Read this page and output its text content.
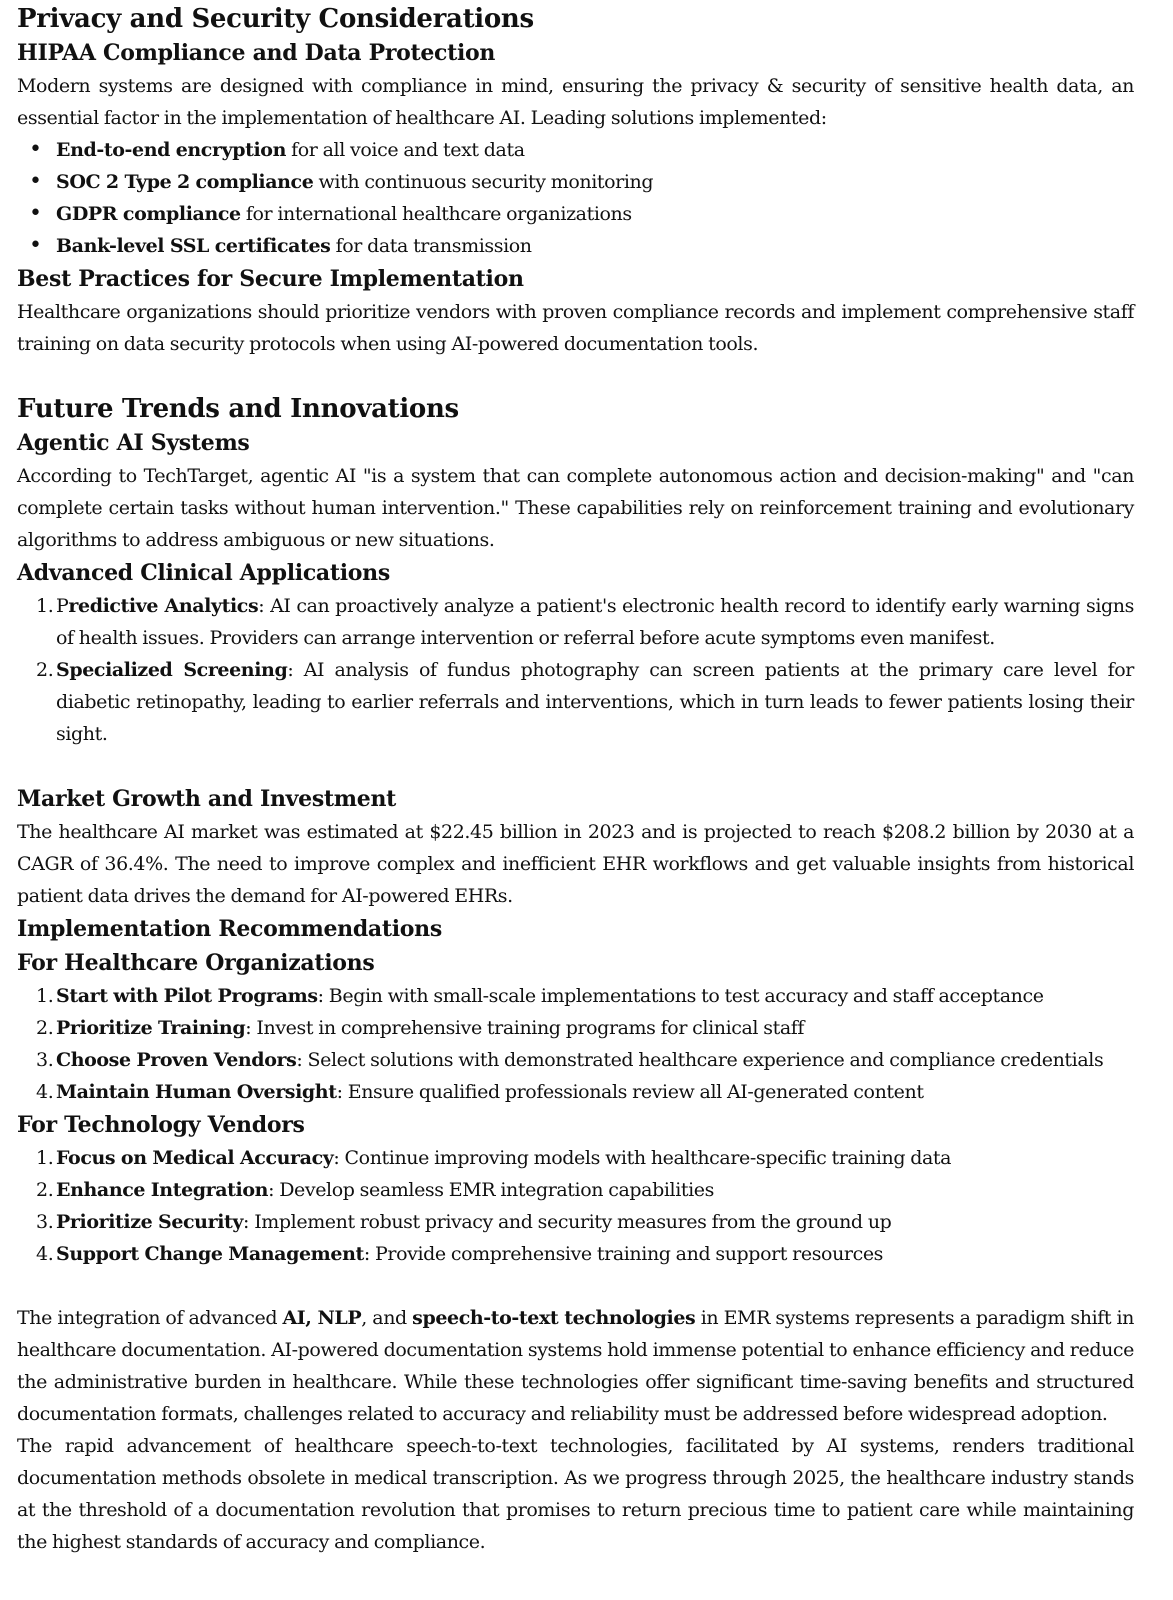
Privacy and Security Considerations
HIPAA Compliance and Data Protection

Modern systems are designed with compliance in mind, ensuring the privacy & security of sensitive health data, an essential factor in the implementation of healthcare AI. Leading solutions implemented:

• End-to-end encryption for all voice and text data
• SOC 2 Type 2 compliance with continuous security monitoring
• GDPR compliance for international healthcare organizations
• Bank-level SSL certificates for data transmission
Best Practices for Secure Implementation

Healthcare organizations should prioritize vendors with proven compliance records and implement comprehensive staff training on data security protocols when using AI-powered documentation tools.

Future Trends and Innovations
Agentic AI Systems

According to TechTarget, agentic AI "is a system that can complete autonomous action and decision-making" and "can complete certain tasks without human intervention." These capabilities rely on reinforcement training and evolutionary algorithms to address ambiguous or new situations.

Advanced Clinical Applications
1. Predictive Analytics: AI can proactively analyze a patient's electronic health record to identify early warning signs of health issues. Providers can arrange intervention or referral before acute symptoms even manifest.
2. Specialized Screening: AI analysis of fundus photography can screen patients at the primary care level for diabetic retinopathy, leading to earlier referrals and interventions, which in turn leads to fewer patients losing their sight.
Market Growth and Investment

The healthcare AI market was estimated at $22.45 billion in 2023 and is projected to reach $208.2 billion by 2030 at a CAGR of 36.4%. The need to improve complex and inefficient EHR workflows and get valuable insights from historical patient data drives the demand for AI-powered EHRs.

Implementation Recommendations
For Healthcare Organizations
1. Start with Pilot Programs: Begin with small-scale implementations to test accuracy and staff acceptance
2. Prioritize Training: Invest in comprehensive training programs for clinical staff
3. Choose Proven Vendors: Select solutions with demonstrated healthcare experience and compliance credentials
4. Maintain Human Oversight: Ensure qualified professionals review all AI-generated content
For Technology Vendors
1. Focus on Medical Accuracy: Continue improving models with healthcare-specific training data
2. Enhance Integration: Develop seamless EMR integration capabilities
3. Prioritize Security: Implement robust privacy and security measures from the ground up
4. Support Change Management: Provide comprehensive training and support resources

The integration of advanced AI, NLP, and speech-to-text technologies in EMR systems represents a paradigm shift in healthcare documentation. AI-powered documentation systems hold immense potential to enhance efficiency and reduce the administrative burden in healthcare. While these technologies offer significant time-saving benefits and structured documentation formats, challenges related to accuracy and reliability must be addressed before widespread adoption.

The rapid advancement of healthcare speech-to-text technologies, facilitated by AI systems, renders traditional documentation methods obsolete in medical transcription. As we progress through 2025, the healthcare industry stands at the threshold of a documentation revolution that promises to return precious time to patient care while maintaining the highest standards of accuracy and compliance.
